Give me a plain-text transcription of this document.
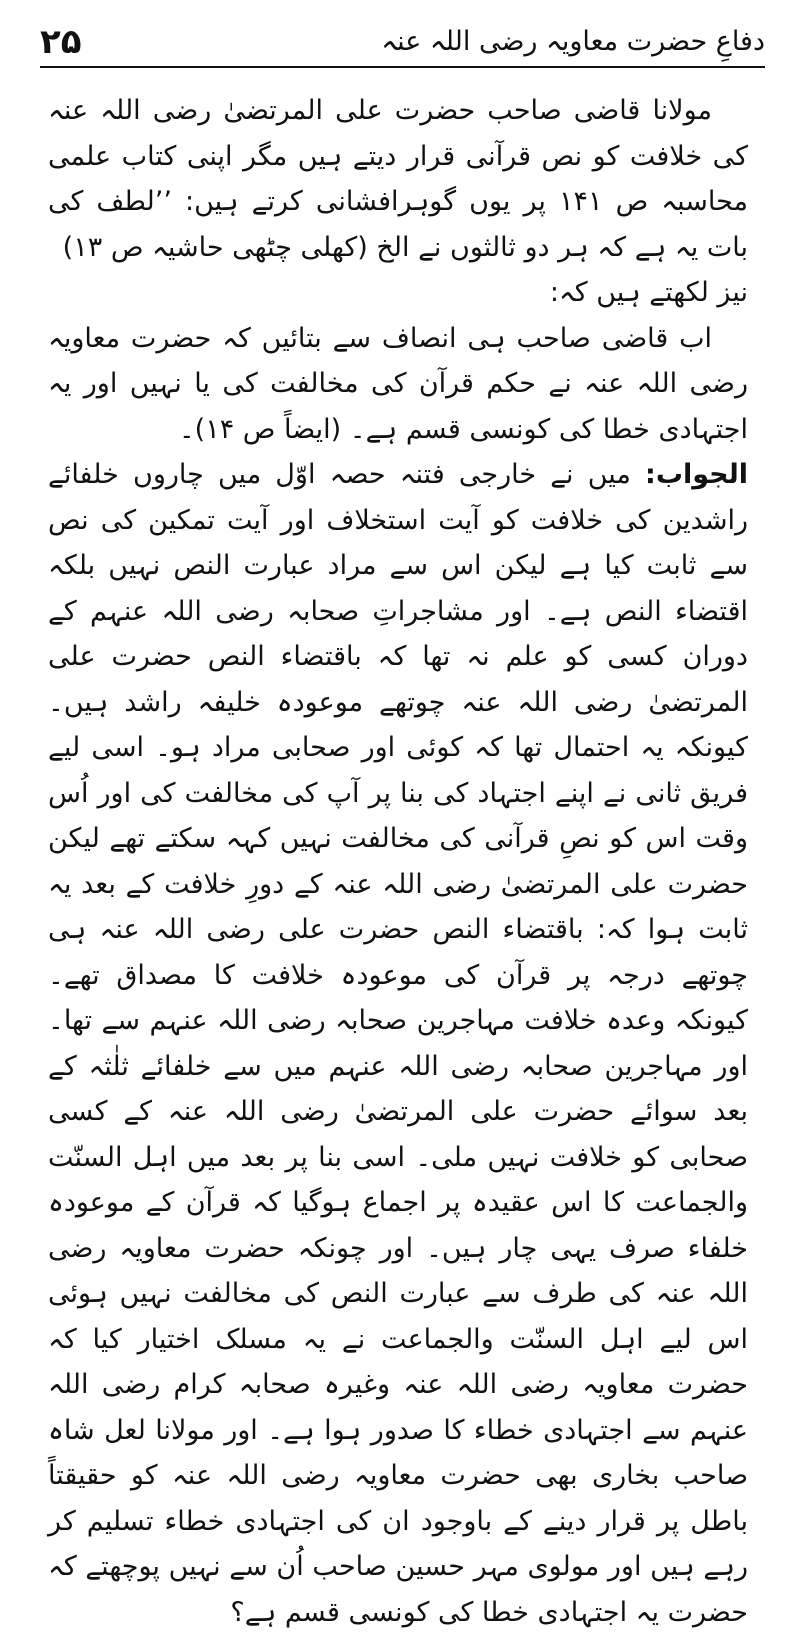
۵۲	دفاعِ حضرت معاویہ رضی اللہ عنہ

مولانا قاضی صاحب حضرت علی المرتضیٰ رضی اللہ عنہ کی خلافت کو نص قرآنی قرار دیتے ہیں مگر اپنی کتاب علمی محاسبہ ص ۱۴۱ پر یوں گوہرافشانی کرتے ہیں: ’’لطف کی بات یہ ہے کہ ہر دو ثالثوں نے الخ (کھلی چٹھی حاشیہ ص ۱۳)

نیز لکھتے ہیں کہ:

اب قاضی صاحب ہی انصاف سے بتائیں کہ حضرت معاویہ رضی اللہ عنہ نے حکم قرآن کی مخالفت کی یا نہیں اور یہ اجتہادی خطا کی کونسی قسم ہے۔ (ایضاً ص ۱۴)۔

الجواب: میں نے خارجی فتنہ حصہ اوّل میں چاروں خلفائے راشدین کی خلافت کو آیت استخلاف اور آیت تمکین کی نص سے ثابت کیا ہے لیکن اس سے مراد عبارت النص نہیں بلکہ اقتضاء النص ہے۔ اور مشاجراتِ صحابہ رضی اللہ عنہم کے دوران کسی کو علم نہ تھا کہ باقتضاء النص حضرت علی المرتضیٰ رضی اللہ عنہ چوتھے موعودہ خلیفہ راشد ہیں۔ کیونکہ یہ احتمال تھا کہ کوئی اور صحابی مراد ہو۔ اسی لیے فریق ثانی نے اپنے اجتہاد کی بنا پر آپ کی مخالفت کی اور اُس وقت اس کو نصِ قرآنی کی مخالفت نہیں کہہ سکتے تھے لیکن حضرت علی المرتضیٰ رضی اللہ عنہ کے دورِ خلافت کے بعد یہ ثابت ہوا کہ: باقتضاء النص حضرت علی رضی اللہ عنہ ہی چوتھے درجہ پر قرآن کی موعودہ خلافت کا مصداق تھے۔ کیونکہ وعدہ خلافت مہاجرین صحابہ رضی اللہ عنہم سے تھا۔ اور مہاجرین صحابہ رضی اللہ عنہم میں سے خلفائے ثلٰثہ کے بعد سوائے حضرت علی المرتضیٰ رضی اللہ عنہ کے کسی صحابی کو خلافت نہیں ملی۔ اسی بنا پر بعد میں اہل السنّت والجماعت کا اس عقیدہ پر اجماع ہوگیا کہ قرآن کے موعودہ خلفاء صرف یہی چار ہیں۔ اور چونکہ حضرت معاویہ رضی اللہ عنہ کی طرف سے عبارت النص کی مخالفت نہیں ہوئی اس لیے اہل السنّت والجماعت نے یہ مسلک اختیار کیا کہ حضرت معاویہ رضی اللہ عنہ وغیرہ صحابہ کرام رضی اللہ عنہم سے اجتہادی خطاء کا صدور ہوا ہے۔ اور مولانا لعل شاہ صاحب بخاری بھی حضرت معاویہ رضی اللہ عنہ کو حقیقتاً باطل پر قرار دینے کے باوجود ان کی اجتہادی خطاء تسلیم کر رہے ہیں اور مولوی مہر حسین صاحب اُن سے نہیں پوچھتے کہ حضرت یہ اجتہادی خطا کی کونسی قسم ہے؟
